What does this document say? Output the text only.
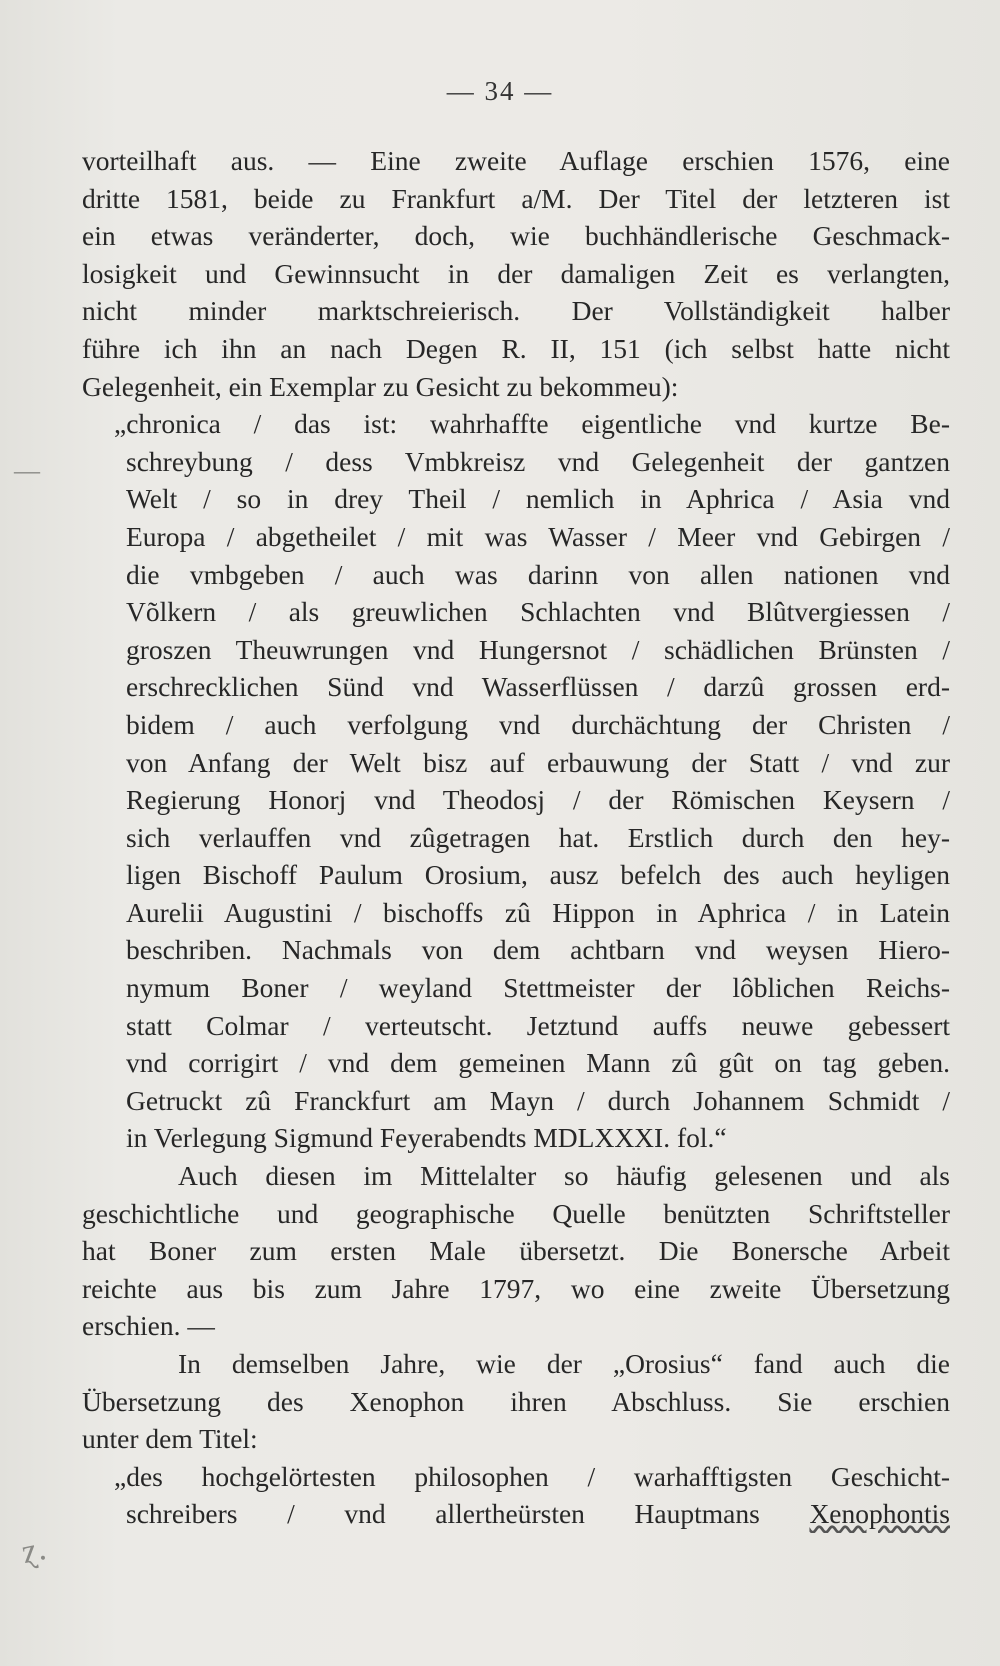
— 34 —
—
ɀ.
vorteilhaft aus. — Eine zweite Auflage erschien 1576, eine
dritte 1581, beide zu Frankfurt a/M. Der Titel der letzteren ist
ein etwas veränderter, doch, wie buchhändlerische Geschmack-
losigkeit und Gewinnsucht in der damaligen Zeit es verlangten,
nicht minder marktschreierisch. Der Vollständigkeit halber
führe ich ihn an nach Degen R. II, 151 (ich selbst hatte nicht
Gelegenheit, ein Exemplar zu Gesicht zu bekommeu):
„chronica / das ist: wahrhaffte eigentliche vnd kurtze Be-
schreybung / dess Vmbkreisz vnd Gelegenheit der gantzen
Welt / so in drey Theil / nemlich in Aphrica / Asia vnd
Europa / abgetheilet / mit was Wasser / Meer vnd Gebirgen /
die vmbgeben / auch was darinn von allen nationen vnd
Võlkern / als greuwlichen Schlachten vnd Blûtvergiessen /
groszen Theuwrungen vnd Hungersnot / schädlichen Brünsten /
erschrecklichen Sünd vnd Wasserflüssen / darzû grossen erd-
bidem / auch verfolgung vnd durchächtung der Christen /
von Anfang der Welt bisz auf erbauwung der Statt / vnd zur
Regierung Honorj vnd Theodosj / der Römischen Keysern /
sich verlauffen vnd zûgetragen hat. Erstlich durch den hey-
ligen Bischoff Paulum Orosium, ausz befelch des auch heyligen
Aurelii Augustini / bischoffs zû Hippon in Aphrica / in Latein
beschriben. Nachmals von dem achtbarn vnd weysen Hiero-
nymum Boner / weyland Stettmeister der lôblichen Reichs-
statt Colmar / verteutscht. Jetztund auffs neuwe gebessert
vnd corrigirt / vnd dem gemeinen Mann zû gût on tag geben.
Getruckt zû Franckfurt am Mayn / durch Johannem Schmidt /
in Verlegung Sigmund Feyerabendts MDLXXXI. fol.“
Auch diesen im Mittelalter so häufig gelesenen und als
geschichtliche und geographische Quelle benützten Schriftsteller
hat Boner zum ersten Male übersetzt. Die Bonersche Arbeit
reichte aus bis zum Jahre 1797, wo eine zweite Übersetzung
erschien. —
In demselben Jahre, wie der „Orosius“ fand auch die
Übersetzung des Xenophon ihren Abschluss. Sie erschien
unter dem Titel:
„des hochgelörtesten philosophen / warhafftigsten Geschicht-
schreibers / vnd allertheürsten Hauptmans Xenophontis
